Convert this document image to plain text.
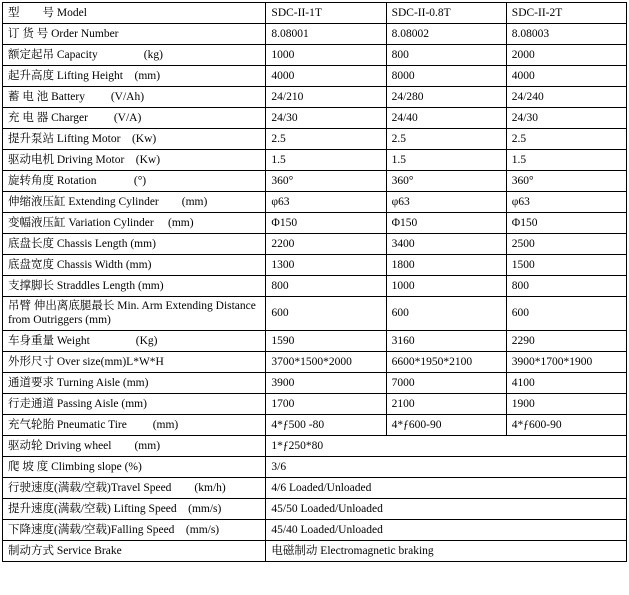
型　　号 Model	SDC-II-1T	SDC-II-0.8T	SDC-II-2T
订 货 号 Order Number	8.08001	8.08002	8.08003
额定起吊 Capacity　　　　(kg)	1000	800	2000
起升高度 Lifting Height　(mm)	4000	8000	4000
蓄 电 池 Battery　　 (V/Ah)	24/210	24/280	24/240
充 电 器 Charger　　 (V/A)	24/30	24/40	24/30
提升泵站 Lifting Motor　(Kw)	2.5	2.5	2.5
驱动电机 Driving Motor　(Kw)	1.5	1.5	1.5
旋转角度 Rotation　　　 (°)	360°	360°	360°
伸缩液压缸 Extending Cylinder　　(mm)	φ63	φ63	φ63
变幅液压缸 Variation Cylinder　 (mm)	Φ150	Φ150	Φ150
底盘长度 Chassis Length (mm)	2200	3400	2500
底盘宽度 Chassis Width (mm)	1300	1800	1500
支撑脚长 Straddles Length (mm)	800	1000	800
吊臂 伸出离底腿最长 Min. Arm Extending Distance from Outriggers (mm)	600	600	600
车身重量 Weight　　　　(Kg)	1590	3160	2290
外形尺寸 Over size(mm)L*W*H	3700*1500*2000	6600*1950*2100	3900*1700*1900
通道要求 Turning Aisle (mm)	3900	7000	4100
行走通道 Passing Aisle (mm)	1700	2100	1900
充气轮胎 Pneumatic Tire　　 (mm)	4*ƒ500 -80	4*ƒ600-90	4*ƒ600-90
驱动轮 Driving wheel　　(mm)	1*ƒ250*80		
爬 坡 度 Climbing slope (%)	3/6		
行驶速度(满载/空载)Travel Speed　　(km/h)	4/6 Loaded/Unloaded		
提升速度(满载/空载) Lifting Speed　(mm/s)	45/50 Loaded/Unloaded		
下降速度(满载/空载)Falling Speed　(mm/s)	45/40 Loaded/Unloaded		
制动方式 Service Brake	电磁制动 Electromagnetic braking		
